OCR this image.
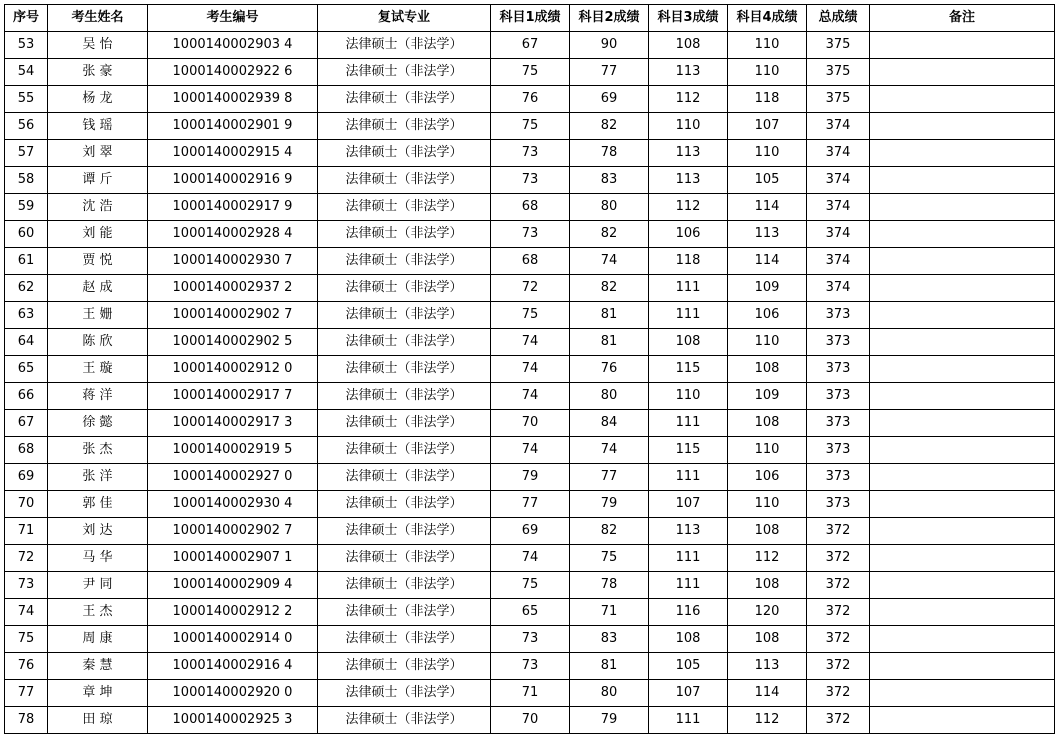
序号	考生姓名	考生编号	复试专业	科目1成绩	科目2成绩	科目3成绩	科目4成绩	总成绩	备注
53	吴 怡	1000140002903 4	法律硕士（非法学）	67	90	108	110	375	
54	张 豪	1000140002922 6	法律硕士（非法学）	75	77	113	110	375	
55	杨 龙	1000140002939 8	法律硕士（非法学）	76	69	112	118	375	
56	钱 瑶	1000140002901 9	法律硕士（非法学）	75	82	110	107	374	
57	刘 翠	1000140002915 4	法律硕士（非法学）	73	78	113	110	374	
58	谭 斤	1000140002916 9	法律硕士（非法学）	73	83	113	105	374	
59	沈 浩	1000140002917 9	法律硕士（非法学）	68	80	112	114	374	
60	刘 能	1000140002928 4	法律硕士（非法学）	73	82	106	113	374	
61	贾 悦	1000140002930 7	法律硕士（非法学）	68	74	118	114	374	
62	赵 成	1000140002937 2	法律硕士（非法学）	72	82	111	109	374	
63	王 姗	1000140002902 7	法律硕士（非法学）	75	81	111	106	373	
64	陈 欣	1000140002902 5	法律硕士（非法学）	74	81	108	110	373	
65	王 璇	1000140002912 0	法律硕士（非法学）	74	76	115	108	373	
66	蒋 洋	1000140002917 7	法律硕士（非法学）	74	80	110	109	373	
67	徐 懿	1000140002917 3	法律硕士（非法学）	70	84	111	108	373	
68	张 杰	1000140002919 5	法律硕士（非法学）	74	74	115	110	373	
69	张 洋	1000140002927 0	法律硕士（非法学）	79	77	111	106	373	
70	郭 佳	1000140002930 4	法律硕士（非法学）	77	79	107	110	373	
71	刘 达	1000140002902 7	法律硕士（非法学）	69	82	113	108	372	
72	马 华	1000140002907 1	法律硕士（非法学）	74	75	111	112	372	
73	尹 同	1000140002909 4	法律硕士（非法学）	75	78	111	108	372	
74	王 杰	1000140002912 2	法律硕士（非法学）	65	71	116	120	372	
75	周 康	1000140002914 0	法律硕士（非法学）	73	83	108	108	372	
76	秦 慧	1000140002916 4	法律硕士（非法学）	73	81	105	113	372	
77	章 坤	1000140002920 0	法律硕士（非法学）	71	80	107	114	372	
78	田 琼	1000140002925 3	法律硕士（非法学）	70	79	111	112	372	
